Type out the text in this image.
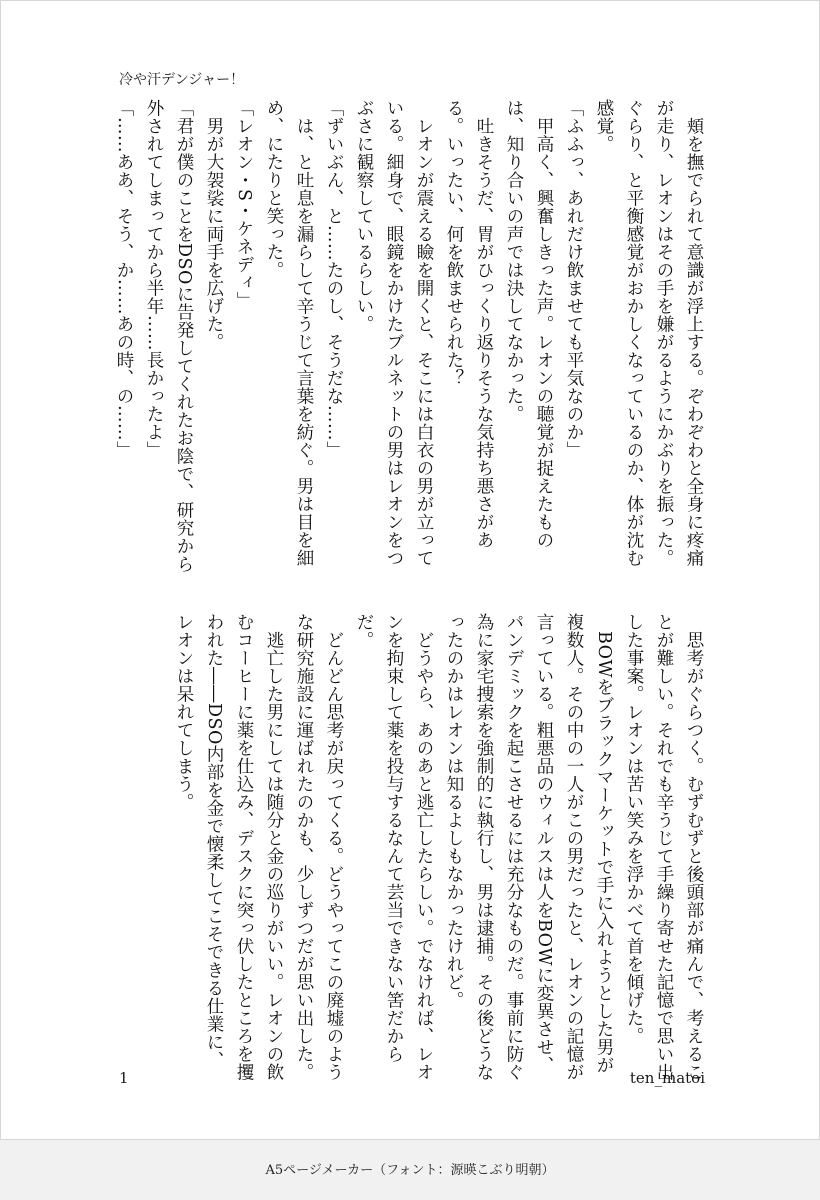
冷や汗デンジャー！

頬を撫でられて意識が浮上する。ぞわぞわと全身に疼痛が走り、レオンはその手を嫌がるようにかぶりを振った。ぐらり、と平衡感覚がおかしくなっているのか、体が沈む感覚。

「ふふっ、あれだけ飲ませても平気なのか」

甲高く、興奮しきった声。レオンの聴覚が捉えたものは、知り合いの声では決してなかった。

吐きそうだ、胃がひっくり返りそうな気持ち悪さがある。いったい、何を飲ませられた？

レオンが震える瞼を開くと、そこには白衣の男が立っている。細身で、眼鏡をかけたブルネットの男はレオンをつぶさに観察しているらしい。

「ずいぶん、と……たのし、そうだな……」

は、と吐息を漏らして辛うじて言葉を紡ぐ。男は目を細め、にたりと笑った。

「レオン・S・ケネディ」

男が大袈裟に両手を広げた。

「君が僕のことをDSOに告発してくれたお陰で、研究から外されてしまってから半年……長かったよ」

「……ああ、そう、か……あの時、の……」

思考がぐらつく。むずむずと後頭部が痛んで、考えることが難しい。それでも辛うじて手繰り寄せた記憶で思い出した事案。レオンは苦い笑みを浮かべて首を傾げた。

BOWをブラックマーケットで手に入れようとした男が複数人。その中の一人がこの男だったと、レオンの記憶が言っている。粗悪品のウィルスは人をBOWに変異させ、パンデミックを起こさせるには充分なものだ。事前に防ぐ為に家宅捜索を強制的に執行し、男は逮捕。その後どうなったのかはレオンは知るよしもなかったけれど。

どうやら、あのあと逃亡したらしい。でなければ、レオンを拘束して薬を投与するなんて芸当できない筈だからだ。

どんどん思考が戻ってくる。どうやってこの廃墟のような研究施設に運ばれたのかも、少しずつだが思い出した。

逃亡した男にしては随分と金の巡りがいい。レオンの飲むコーヒーに薬を仕込み、デスクに突っ伏したところを攫われた――DSO内部を金で懐柔してこそできる仕業に、レオンは呆れてしまう。

1	ten_matoi
A5ページメーカー（フォント：源暎こぶり明朝）
